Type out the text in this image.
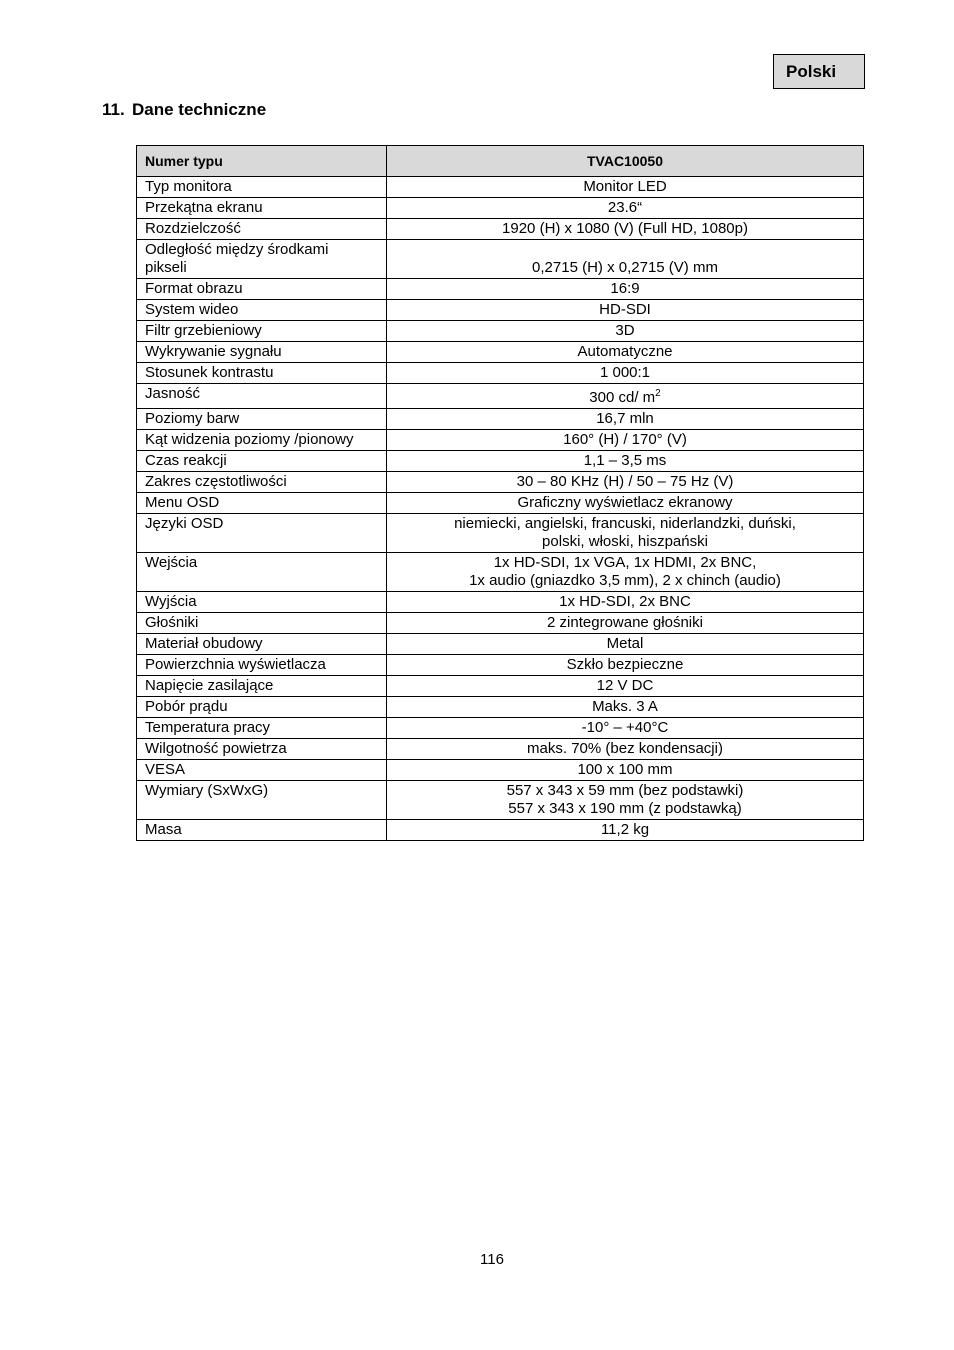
Polski
11. Dane techniczne
Numer typu	TVAC10050
Typ monitora	Monitor LED
Przekątna ekranu	23.6“
Rozdzielczość	1920 (H) x 1080 (V) (Full HD, 1080p)
Odległość między środkami
pikseli	0,2715 (H) x 0,2715 (V) mm
Format obrazu	16:9
System wideo	HD-SDI
Filtr grzebieniowy	3D
Wykrywanie sygnału	Automatyczne
Stosunek kontrastu	1 000:1
Jasność	300 cd/ $m^2$
Poziomy barw	16,7 mln
Kąt widzenia poziomy /pionowy	160° (H) / 170° (V)
Czas reakcji	1,1 – 3,5 ms
Zakres częstotliwości	30 – 80 KHz (H) / 50 – 75 Hz (V)
Menu OSD	Graficzny wyświetlacz ekranowy
Języki OSD	niemiecki, angielski, francuski, niderlandzki, duński,
polski, włoski, hiszpański
Wejścia	1x HD-SDI, 1x VGA, 1x HDMI, 2x BNC,
1x audio (gniazdko 3,5 mm), 2 x chinch (audio)
Wyjścia	1x HD-SDI, 2x BNC
Głośniki	2 zintegrowane głośniki
Materiał obudowy	Metal
Powierzchnia wyświetlacza	Szkło bezpieczne
Napięcie zasilające	12 V DC
Pobór prądu	Maks. 3 A
Temperatura pracy	-10° – +40°C
Wilgotność powietrza	maks. 70% (bez kondensacji)
VESA	100 x 100 mm
Wymiary (SxWxG)	557 x 343 x 59 mm (bez podstawki)
557 x 343 x 190 mm (z podstawką)
Masa	11,2 kg
116
